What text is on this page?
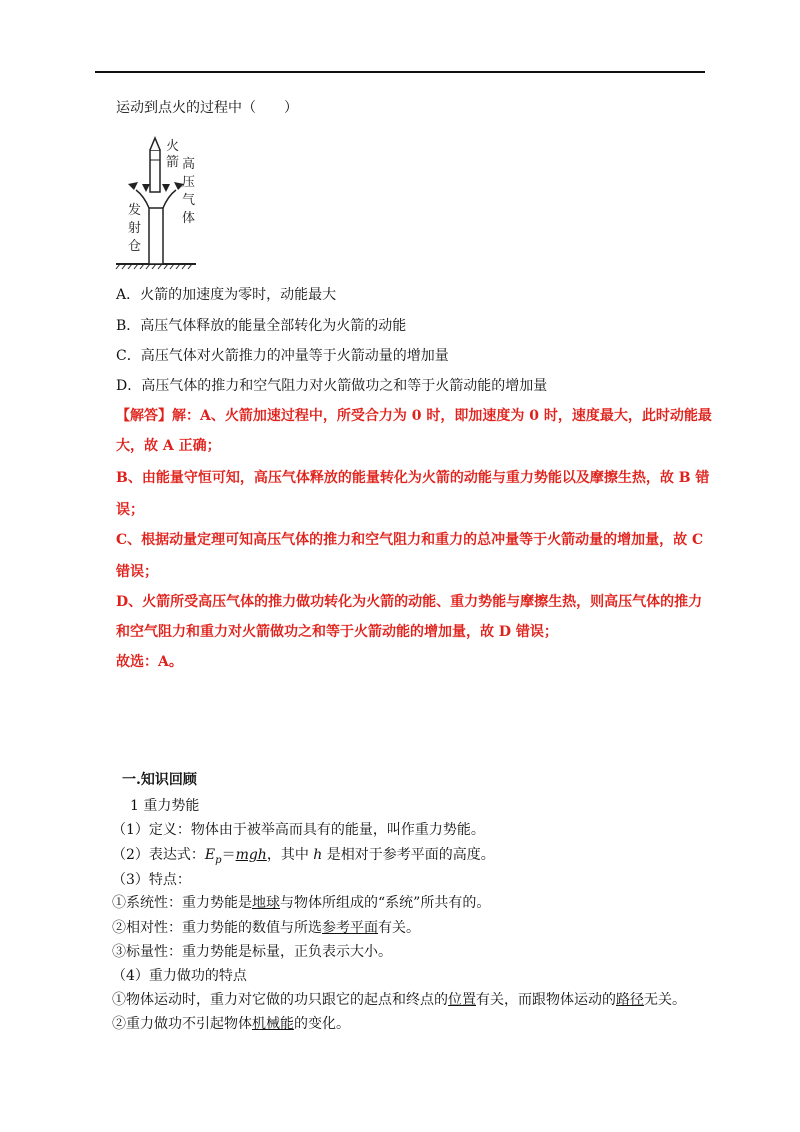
运动到点火的过程中（　　）
火
箭 高
压
气
体
发
射
仓
A．火箭的加速度为零时，动能最大
B．高压气体释放的能量全部转化为火箭的动能
C．高压气体对火箭推力的冲量等于火箭动量的增加量
D．高压气体的推力和空气阻力对火箭做功之和等于火箭动能的增加量
【解答】解：A、火箭加速过程中，所受合力为 0 时，即加速度为 0 时，速度最大，此时动能最
大，故 A 正确；
B、由能量守恒可知，高压气体释放的能量转化为火箭的动能与重力势能以及摩擦生热，故 B 错
误；
C、根据动量定理可知高压气体的推力和空气阻力和重力的总冲量等于火箭动量的增加量，故 C
错误；
D、火箭所受高压气体的推力做功转化为火箭的动能、重力势能与摩擦生热，则高压气体的推力
和空气阻力和重力对火箭做功之和等于火箭动能的增加量，故 D 错误；
故选：A。
一.知识回顾
1 重力势能
（1）定义：物体由于被举高而具有的能量，叫作重力势能。
（2）表达式：$E_p=mgh$，其中 h 是相对于参考平面的高度。
（3）特点：
①系统性：重力势能是地球与物体所组成的“系统”所共有的。
②相对性：重力势能的数值与所选参考平面有关。
③标量性：重力势能是标量，正负表示大小。
（4）重力做功的特点
①物体运动时，重力对它做的功只跟它的起点和终点的位置有关，而跟物体运动的路径无关。
②重力做功不引起物体机械能的变化。
